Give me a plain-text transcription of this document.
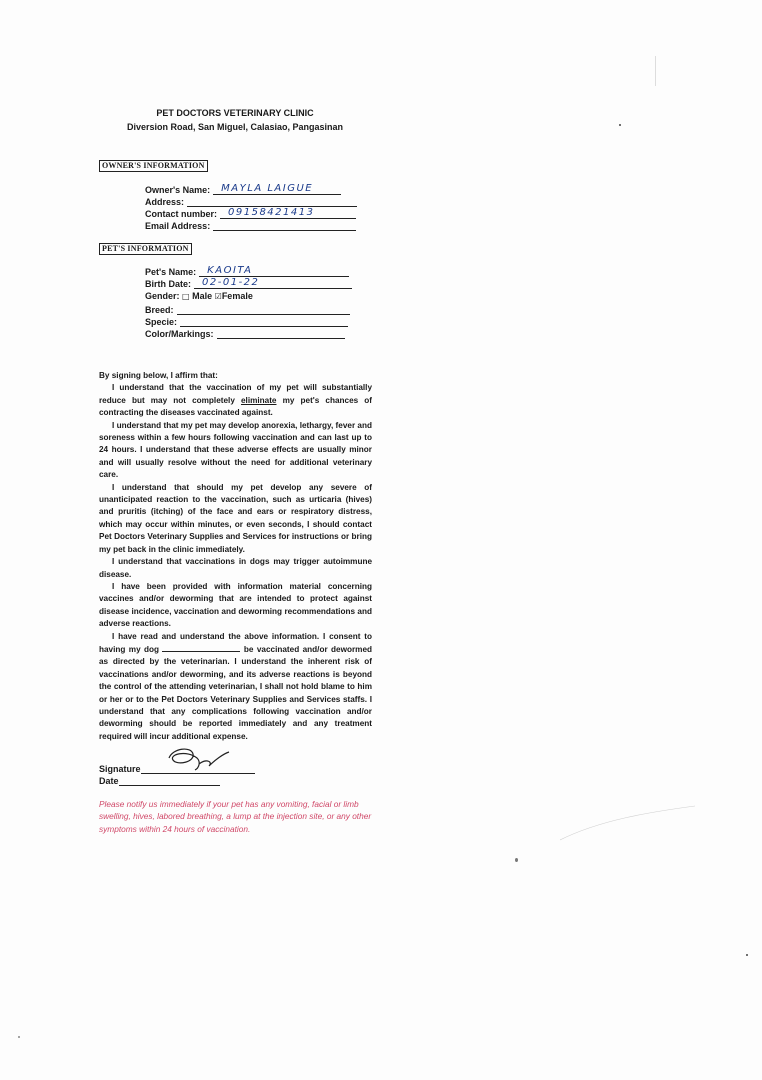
PET DOCTORS VETERINARY CLINIC
Diversion Road, San Miguel, Calasiao, Pangasinan
OWNER'S INFORMATION
Owner's Name: MAYLA LAIGUE
Address:
Contact number: 09158421413
Email Address:
PET'S INFORMATION
Pet's Name: KAOITA
Birth Date: 02-01-22
Gender:
□
Male
☑ Female
Breed:
Specie:
Color/Markings:

By signing below, I affirm that:

I understand that the vaccination of my pet will substantially reduce but may not completely eliminate my pet's chances of contracting the diseases vaccinated against.

I understand that my pet may develop anorexia, lethargy, fever and soreness within a few hours following vaccination and can last up to 24 hours. I understand that these adverse effects are usually minor and will usually resolve without the need for additional veterinary care.

I understand that should my pet develop any severe of unanticipated reaction to the vaccination, such as urticaria (hives) and pruritis (itching) of the face and ears or respiratory distress, which may occur within minutes, or even seconds, I should contact Pet Doctors Veterinary Supplies and Services for instructions or bring my pet back in the clinic immediately.

I understand that vaccinations in dogs may trigger autoimmune disease.

I have been provided with information material concerning vaccines and/or deworming that are intended to protect against disease incidence, vaccination and deworming recommendations and adverse reactions.

I have read and understand the above information. I consent to having my dog	be vaccinated and/or dewormed as directed by the veterinarian. I understand the inherent risk of vaccinations and/or deworming, and its adverse reactions is beyond the control of the attending veterinarian, I shall not hold blame to him or her or to the Pet Doctors Veterinary Supplies and Services staffs. I understand that any complications following vaccination and/or deworming should be reported immediately and any treatment required will incur additional expense.

Signature
Date
Please notify us immediately if your pet has any vomiting, facial or limb swelling, hives, labored breathing, a lump at the injection site, or any other symptoms within 24 hours of vaccination.
